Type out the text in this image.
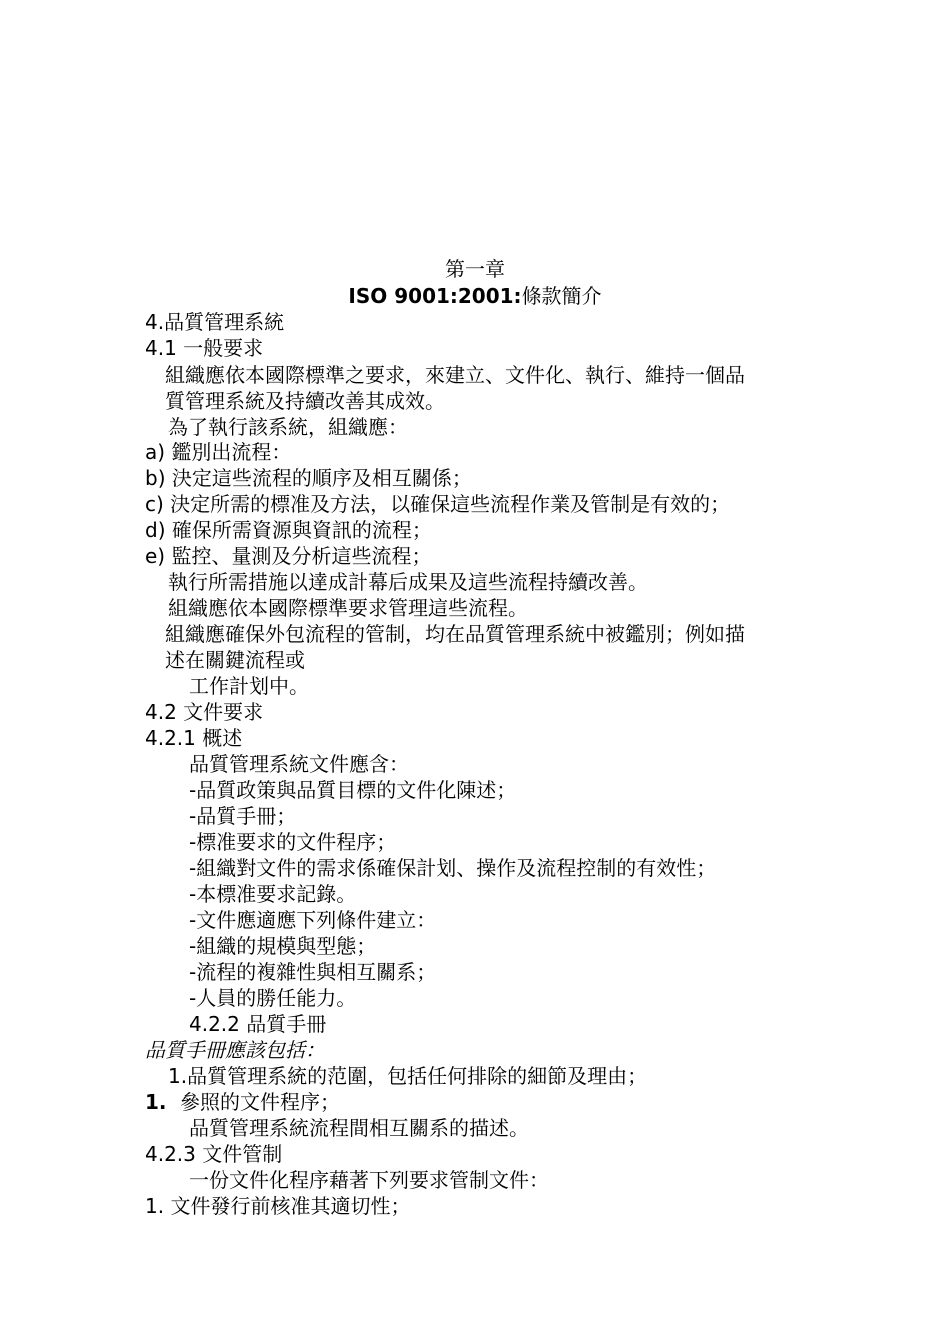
第一章
ISO 9001:2001:條款簡介
4.品質管理系統
4.1 一般要求
組織應依本國際標準之要求，來建立、文件化、執行、維持一個品
質管理系統及持續改善其成效。
為了執行該系統，組織應：
a) 鑑別出流程：
b) 決定這些流程的順序及相互關係；
c) 決定所需的標准及方法，以確保這些流程作業及管制是有效的；
d) 確保所需資源與資訊的流程；
e) 監控、量測及分析這些流程；
執行所需措施以達成計幕后成果及這些流程持續改善。
組織應依本國際標準要求管理這些流程。
組織應確保外包流程的管制，均在品質管理系統中被鑑別；例如描
述在關鍵流程或
工作計划中。
4.2 文件要求
4.2.1 概述
品質管理系統文件應含：
-品質政策與品質目標的文件化陳述；
-品質手冊；
-標准要求的文件程序；
-組織對文件的需求係確保計划、操作及流程控制的有效性；
-本標准要求記錄。
-文件應適應下列條件建立：
-組織的規模與型態；
-流程的複雜性與相互關系；
-人員的勝任能力。
4.2.2 品質手冊
品質手冊應該包括：
1.品質管理系統的范圍，包括任何排除的細節及理由；
1. 參照的文件程序；
品質管理系統流程間相互關系的描述。
4.2.3 文件管制
一份文件化程序藉著下列要求管制文件：
1. 文件發行前核准其適切性；
